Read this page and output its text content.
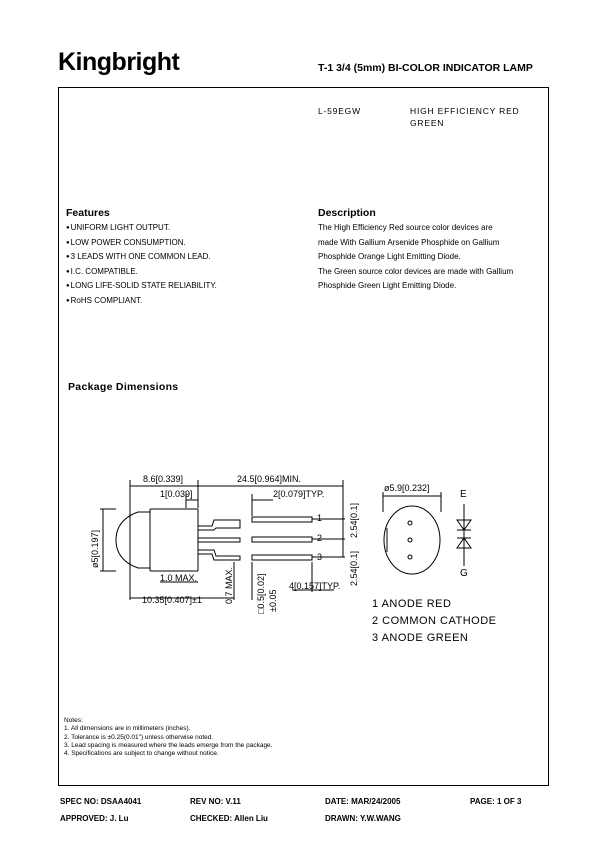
Kingbright	T-1 3/4 (5mm) BI-COLOR INDICATOR LAMP
L-59EGW	HIGH EFFICIENCY RED
GREEN
Features
● UNIFORM LIGHT OUTPUT.
● LOW POWER CONSUMPTION.
● 3 LEADS WITH ONE COMMON LEAD.
● I.C. COMPATIBLE.
● LONG LIFE-SOLID STATE RELIABILITY.
● RoHS COMPLIANT.
Description

The High Efficiency Red source color devices are

made With Gallium Arsenide Phosphide on Gallium

Phosphide Orange Light Emitting Diode.

The Green source color devices are made with Gallium

Phosphide Green Light Emitting Diode.

Package Dimensions
8.6[0.339]	24.5[0.964]MIN.
1[0.039]	2[0.079]TYP.
1
2
3
1.0 MAX.
10.35[0.407]±1
4[0.157]TYP.
ø5.9[0.232]
E
G
ø5[0.197]
2.54[0.1]
2.54[0.1]
0.7 MAX. □0.5[0.02] ±0.05	1 ANODE RED
2 COMMON CATHODE
3 ANODE GREEN
Notes:
1. All dimensions are in millimeters (inches).
2. Tolerance is ±0.25(0.01") unless otherwise noted.
3. Lead spacing is measured where the leads emerge from the package.
4. Specifications are subject to change without notice.
SPEC NO: DSAA4041	REV NO: V.11	DATE: MAR/24/2005	PAGE: 1 OF 3
APPROVED: J. Lu	CHECKED: Allen Liu	DRAWN: Y.W.WANG
